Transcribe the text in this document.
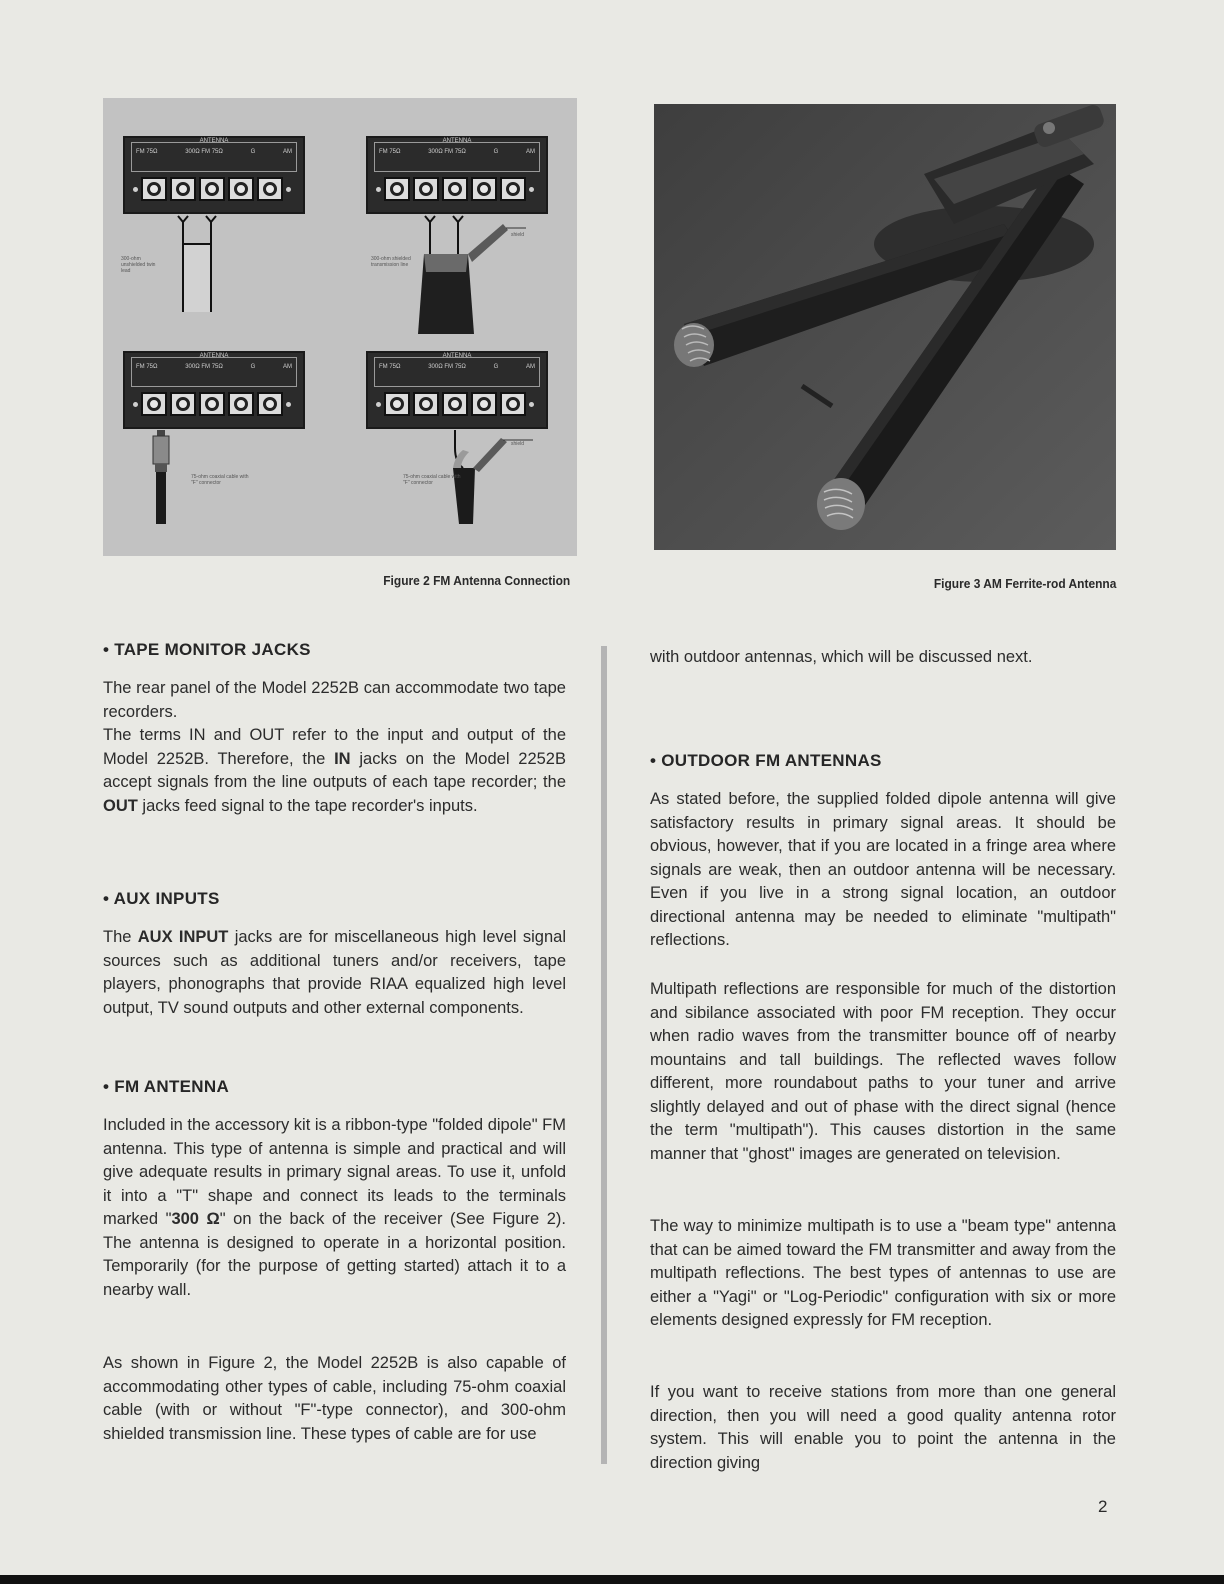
ANTENNA
FM 75Ω	300Ω FM 75Ω	G	AM
300-ohm unshielded twin lead
ANTENNA
FM 75Ω	300Ω FM 75Ω	G	AM
300-ohm shielded transmission line
shield
ANTENNA
FM 75Ω	300Ω FM 75Ω	G	AM
75-ohm coaxial cable with "F" connector
ANTENNA
FM 75Ω	300Ω FM 75Ω	G	AM
75-ohm coaxial cable with "F" connector
shield
Figure 2 FM Antenna Connection	Figure 3 AM Ferrite-rod Antenna
• TAPE MONITOR JACKS

The rear panel of the Model 2252B can accommodate two tape recorders.

The terms IN and OUT refer to the input and output of the Model 2252B. Therefore, the IN jacks on the Model 2252B accept signals from the line outputs of each tape recorder; the OUT jacks feed signal to the tape recorder's inputs.

• AUX INPUTS

The AUX INPUT jacks are for miscellaneous high level signal sources such as additional tuners and/or receivers, tape players, phonographs that provide RIAA equalized high level output, TV sound outputs and other external components.

• FM ANTENNA

Included in the accessory kit is a ribbon-type "folded dipole" FM antenna. This type of antenna is simple and practical and will give adequate results in primary signal areas. To use it, unfold it into a "T" shape and connect its leads to the terminals marked "300 Ω" on the back of the receiver (See Figure 2). The antenna is designed to operate in a horizontal position. Temporarily (for the purpose of getting started) attach it to a nearby wall.

As shown in Figure 2, the Model 2252B is also capable of accommodating other types of cable, including 75-ohm coaxial cable (with or without "F"-type connector), and 300-ohm shielded transmission line. These types of cable are for use

with outdoor antennas, which will be discussed next.

• OUTDOOR FM ANTENNAS

As stated before, the supplied folded dipole antenna will give satisfactory results in primary signal areas. It should be obvious, however, that if you are located in a fringe area where signals are weak, then an outdoor antenna will be necessary. Even if you live in a strong signal location, an outdoor directional antenna may be needed to eliminate "multipath" reflections.

Multipath reflections are responsible for much of the distortion and sibilance associated with poor FM reception. They occur when radio waves from the transmitter bounce off of nearby mountains and tall buildings. The reflected waves follow different, more roundabout paths to your tuner and arrive slightly delayed and out of phase with the direct signal (hence the term "multipath"). This causes distortion in the same manner that "ghost" images are generated on television.

The way to minimize multipath is to use a "beam type" antenna that can be aimed toward the FM transmitter and away from the multipath reflections. The best types of antennas to use are either a "Yagi" or "Log-Periodic" configuration with six or more elements designed expressly for FM reception.

If you want to receive stations from more than one general direction, then you will need a good quality antenna rotor system. This will enable you to point the antenna in the direction giving

2
